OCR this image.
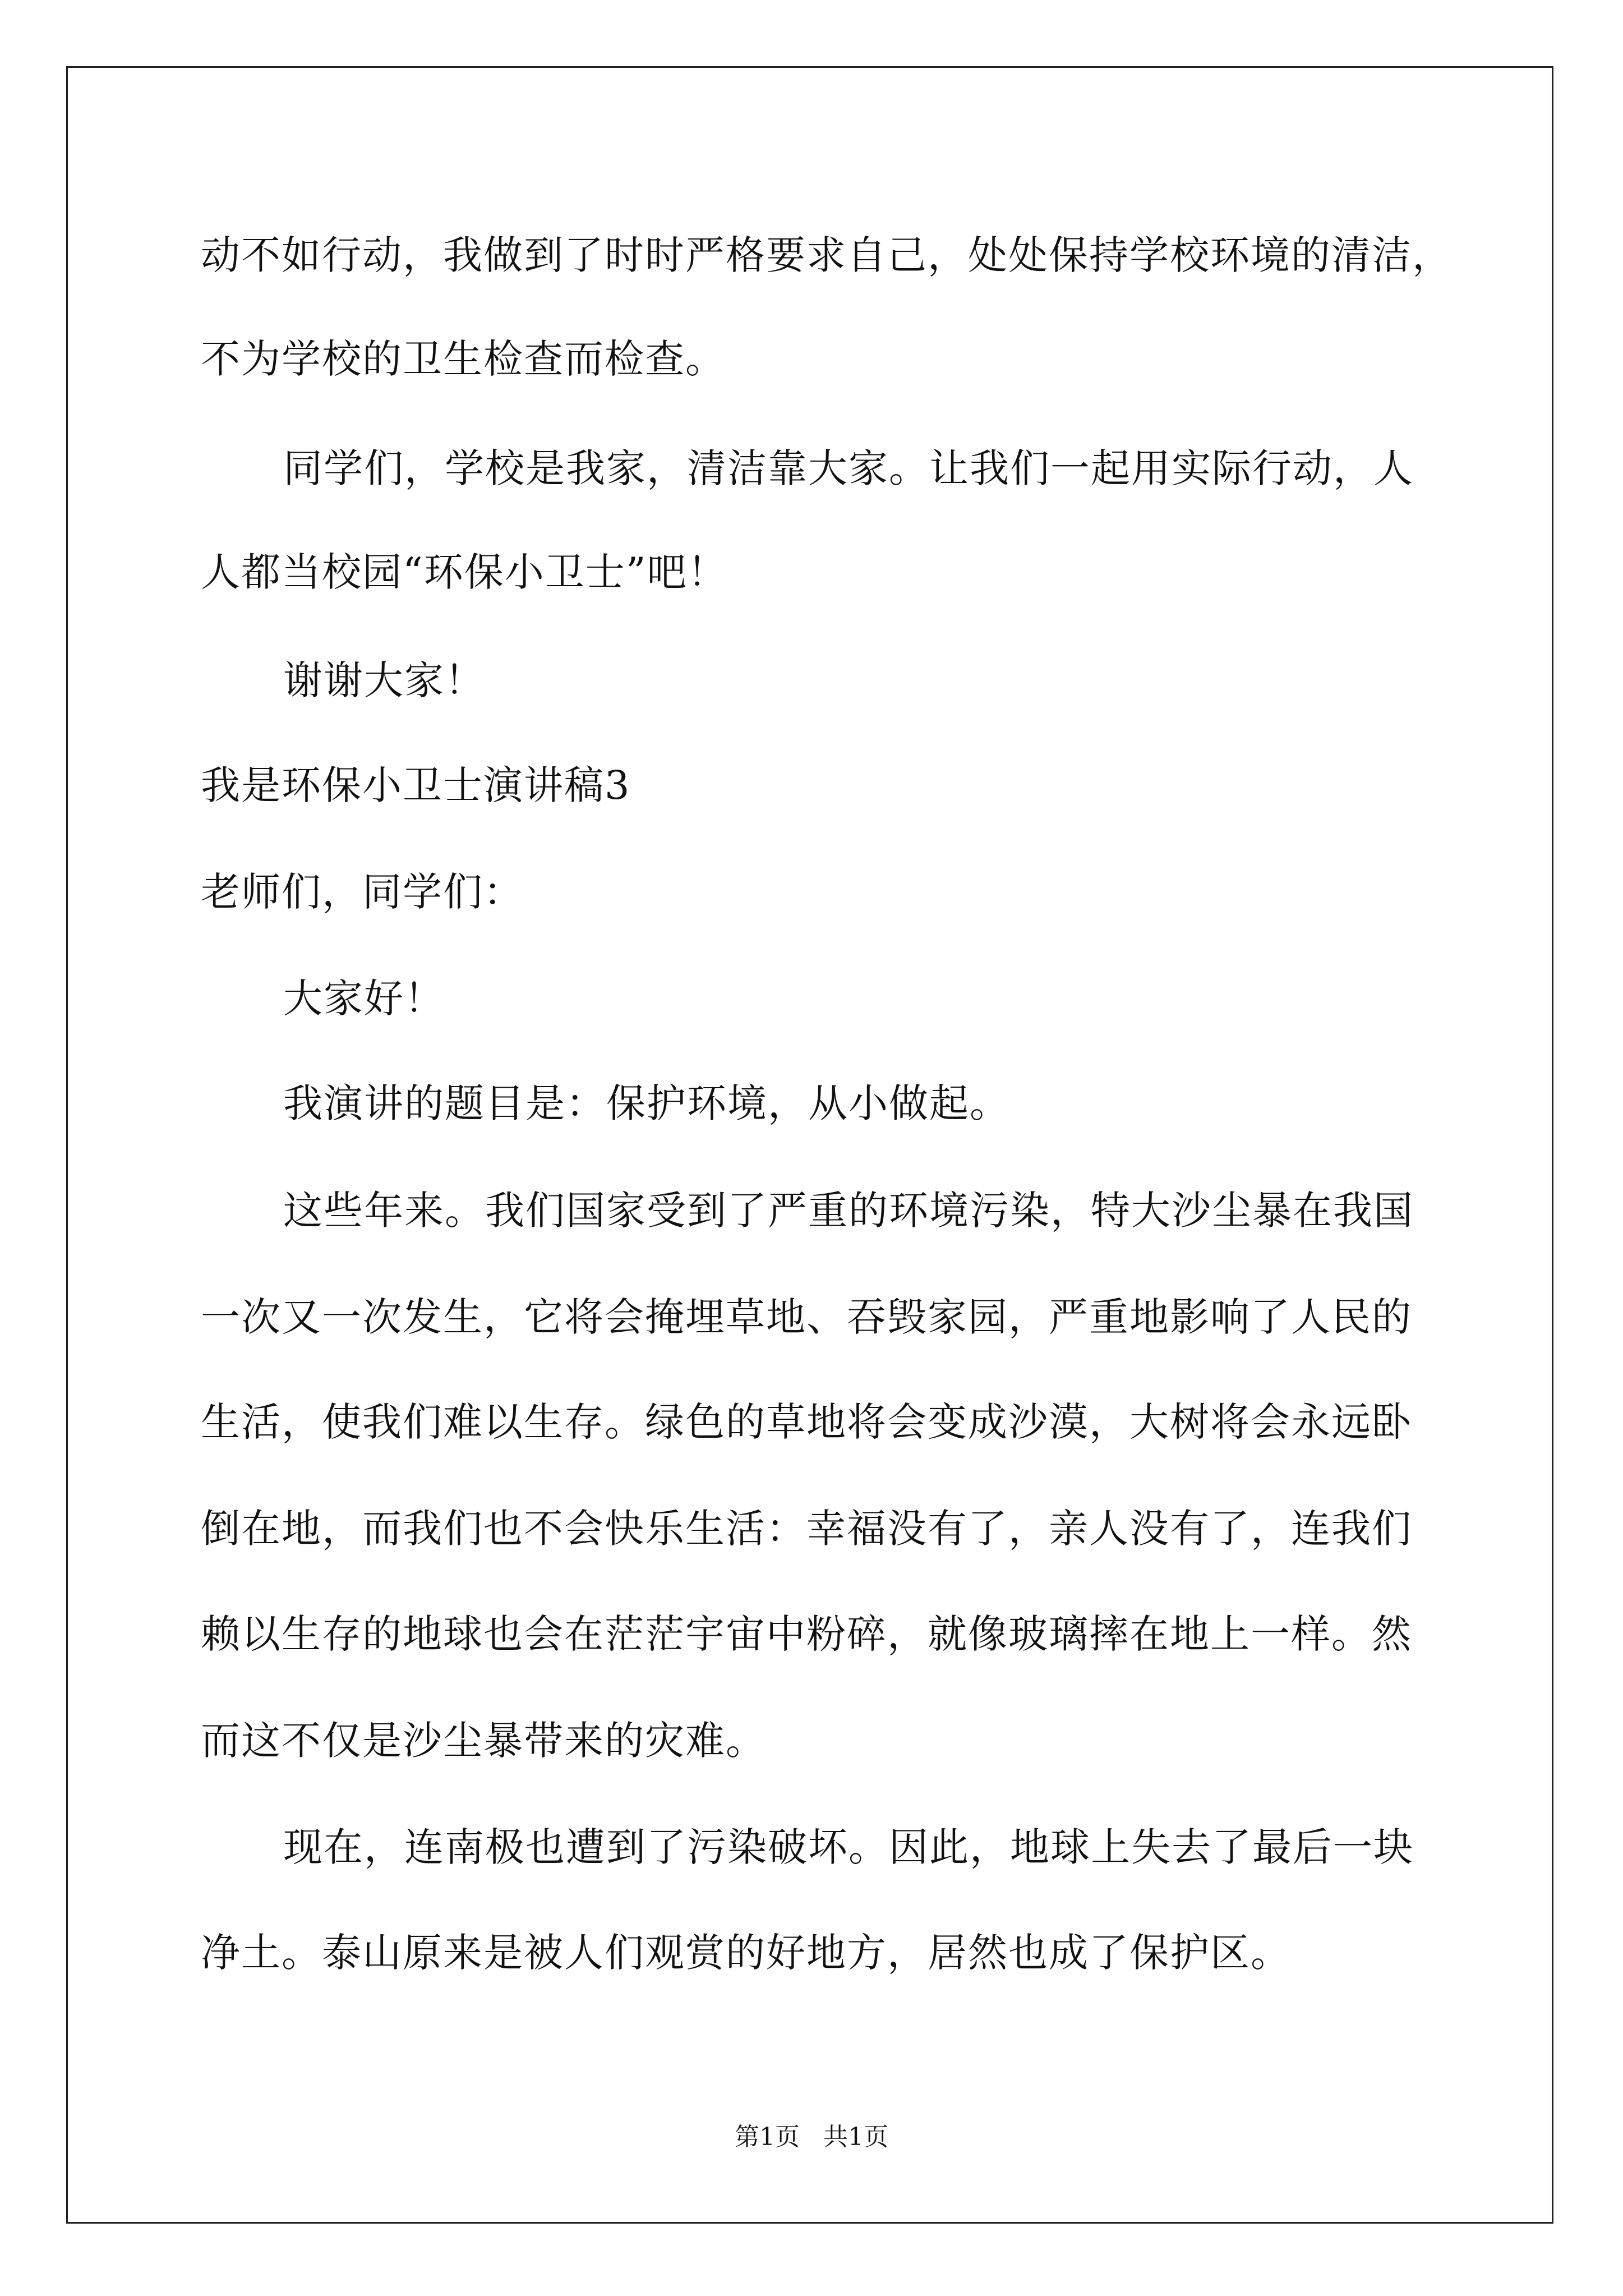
动不如行动，我做到了时时严格要求自己，处处保持学校环境的清洁，
不为学校的卫生检查而检查。
同学们，学校是我家，清洁靠大家。让我们一起用实际行动，人
人都当校园“环保小卫士”吧！
谢谢大家！
我是环保小卫士演讲稿3
老师们，同学们：
大家好！
我演讲的题目是：保护环境，从小做起。
这些年来。我们国家受到了严重的环境污染，特大沙尘暴在我国
一次又一次发生，它将会掩埋草地、吞毁家园，严重地影响了人民的
生活，使我们难以生存。绿色的草地将会变成沙漠，大树将会永远卧
倒在地，而我们也不会快乐生活：幸福没有了，亲人没有了，连我们
赖以生存的地球也会在茫茫宇宙中粉碎，就像玻璃摔在地上一样。然
而这不仅是沙尘暴带来的灾难。
现在，连南极也遭到了污染破坏。因此，地球上失去了最后一块
净土。泰山原来是被人们观赏的好地方，居然也成了保护区。
第1页   共1页
